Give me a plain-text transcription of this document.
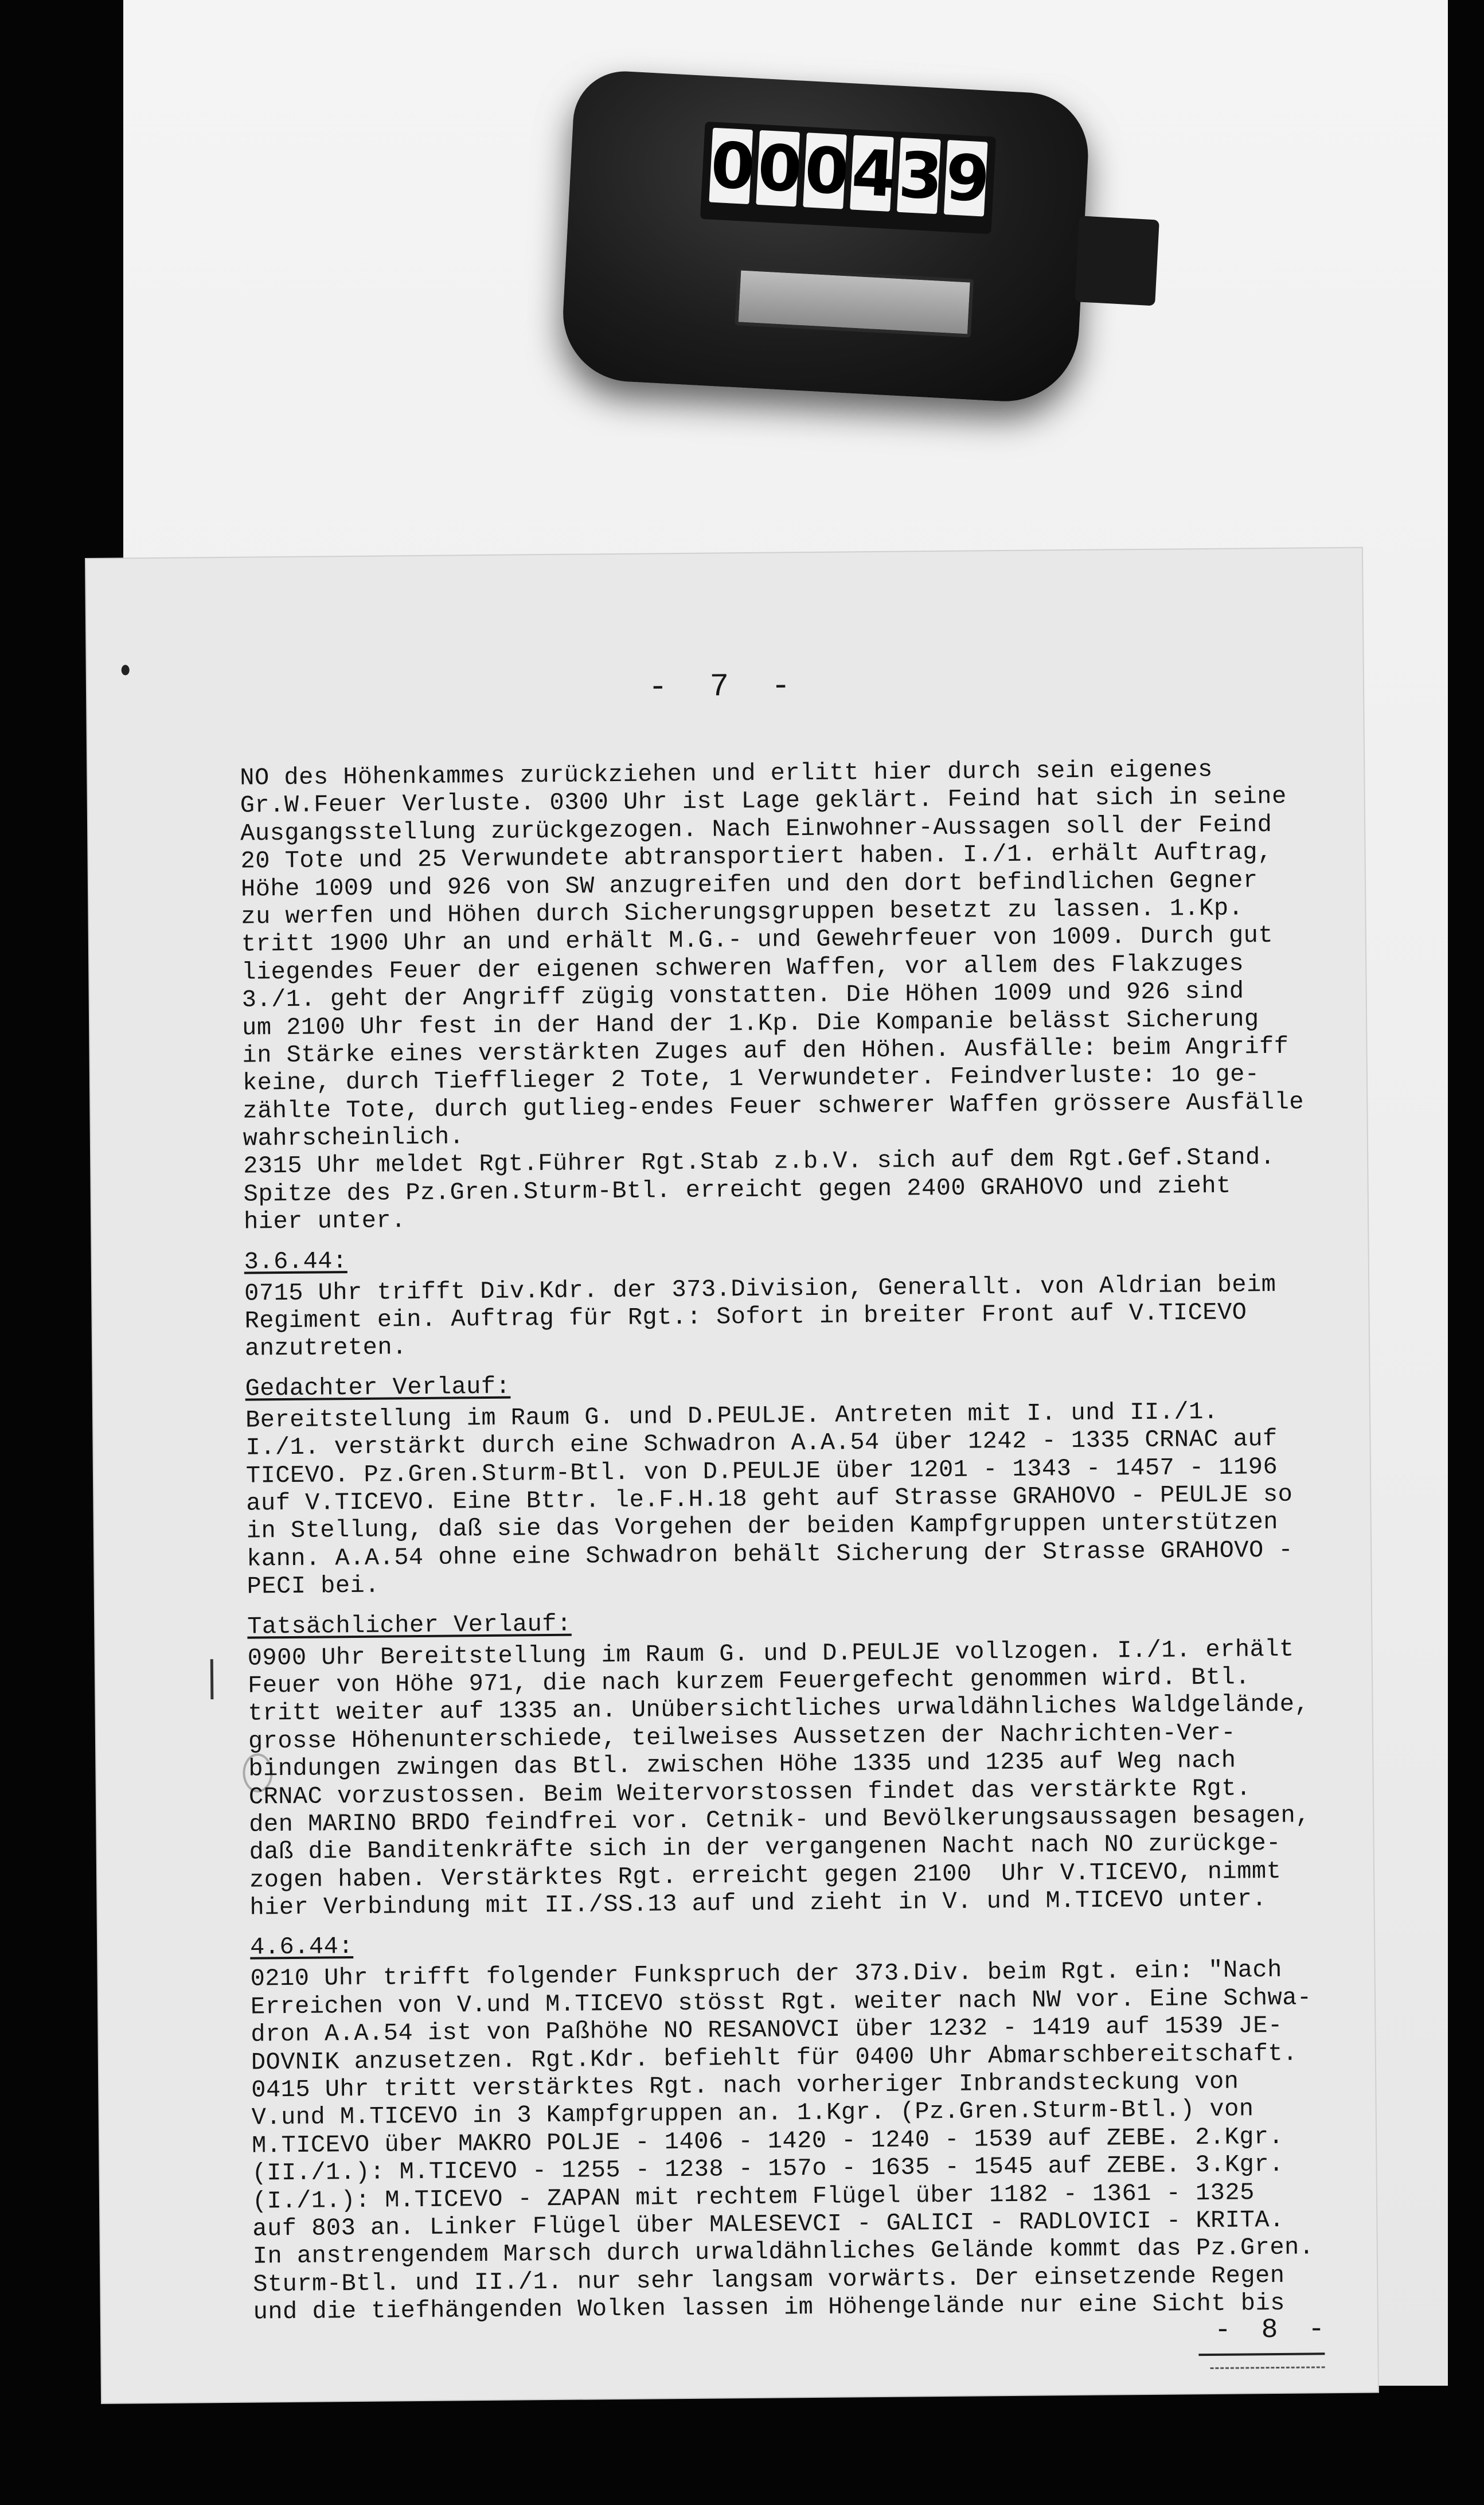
0
0
0
4
3
9
- 7 -
NO des Höhenkammes zurückziehen und erlitt hier durch sein eigenes
Gr.W.Feuer Verluste. 0300 Uhr ist Lage geklärt. Feind hat sich in seine
Ausgangsstellung zurückgezogen. Nach Einwohner-Aussagen soll der Feind
20 Tote und 25 Verwundete abtransportiert haben. I./1. erhält Auftrag,
Höhe 1009 und 926 von SW anzugreifen und den dort befindlichen Gegner
zu werfen und Höhen durch Sicherungsgruppen besetzt zu lassen. 1.Kp.
tritt 1900 Uhr an und erhält M.G.- und Gewehrfeuer von 1009. Durch gut
liegendes Feuer der eigenen schweren Waffen, vor allem des Flakzuges
3./1. geht der Angriff zügig vonstatten. Die Höhen 1009 und 926 sind
um 2100 Uhr fest in der Hand der 1.Kp. Die Kompanie belässt Sicherung
in Stärke eines verstärkten Zuges auf den Höhen. Ausfälle: beim Angriff
keine, durch Tiefflieger 2 Tote, 1 Verwundeter. Feindverluste: 1o ge-
zählte Tote, durch gutlieg-endes Feuer schwerer Waffen grössere Ausfälle
wahrscheinlich.
2315 Uhr meldet Rgt.Führer Rgt.Stab z.b.V. sich auf dem Rgt.Gef.Stand.
Spitze des Pz.Gren.Sturm-Btl. erreicht gegen 2400 GRAHOVO und zieht
hier unter.
3.6.44:
0715 Uhr trifft Div.Kdr. der 373.Division, Generallt. von Aldrian beim
Regiment ein. Auftrag für Rgt.: Sofort in breiter Front auf V.TICEVO
anzutreten.
Gedachter Verlauf:
Bereitstellung im Raum G. und D.PEULJE. Antreten mit I. und II./1.
I./1. verstärkt durch eine Schwadron A.A.54 über 1242 - 1335 CRNAC auf
TICEVO. Pz.Gren.Sturm-Btl. von D.PEULJE über 1201 - 1343 - 1457 - 1196
auf V.TICEVO. Eine Bttr. le.F.H.18 geht auf Strasse GRAHOVO - PEULJE so
in Stellung, daß sie das Vorgehen der beiden Kampfgruppen unterstützen
kann. A.A.54 ohne eine Schwadron behält Sicherung der Strasse GRAHOVO -
PECI bei.
Tatsächlicher Verlauf:
0900 Uhr Bereitstellung im Raum G. und D.PEULJE vollzogen. I./1. erhält
Feuer von Höhe 971, die nach kurzem Feuergefecht genommen wird. Btl.
tritt weiter auf 1335 an. Unübersichtliches urwaldähnliches Waldgelände,
grosse Höhenunterschiede, teilweises Aussetzen der Nachrichten-Ver-
bindungen zwingen das Btl. zwischen Höhe 1335 und 1235 auf Weg nach
CRNAC vorzustossen. Beim Weitervorstossen findet das verstärkte Rgt.
den MARINO BRDO feindfrei vor. Cetnik- und Bevölkerungsaussagen besagen,
daß die Banditenkräfte sich in der vergangenen Nacht nach NO zurückge-
zogen haben. Verstärktes Rgt. erreicht gegen 2100  Uhr V.TICEVO, nimmt
hier Verbindung mit II./SS.13 auf und zieht in V. und M.TICEVO unter.
4.6.44:
0210 Uhr trifft folgender Funkspruch der 373.Div. beim Rgt. ein: "Nach
Erreichen von V.und M.TICEVO stösst Rgt. weiter nach NW vor. Eine Schwa-
dron A.A.54 ist von Paßhöhe NO RESANOVCI über 1232 - 1419 auf 1539 JE-
DOVNIK anzusetzen. Rgt.Kdr. befiehlt für 0400 Uhr Abmarschbereitschaft.
0415 Uhr tritt verstärktes Rgt. nach vorheriger Inbrandsteckung von
V.und M.TICEVO in 3 Kampfgruppen an. 1.Kgr. (Pz.Gren.Sturm-Btl.) von
M.TICEVO über MAKRO POLJE - 1406 - 1420 - 1240 - 1539 auf ZEBE. 2.Kgr.
(II./1.): M.TICEVO - 1255 - 1238 - 157o - 1635 - 1545 auf ZEBE. 3.Kgr.
(I./1.): M.TICEVO - ZAPAN mit rechtem Flügel über 1182 - 1361 - 1325
auf 803 an. Linker Flügel über MALESEVCI - GALICI - RADLOVICI - KRITA.
In anstrengendem Marsch durch urwaldähnliches Gelände kommt das Pz.Gren.
Sturm-Btl. und II./1. nur sehr langsam vorwärts. Der einsetzende Regen
und die tiefhängenden Wolken lassen im Höhengelände nur eine Sicht bis
- 8 -
